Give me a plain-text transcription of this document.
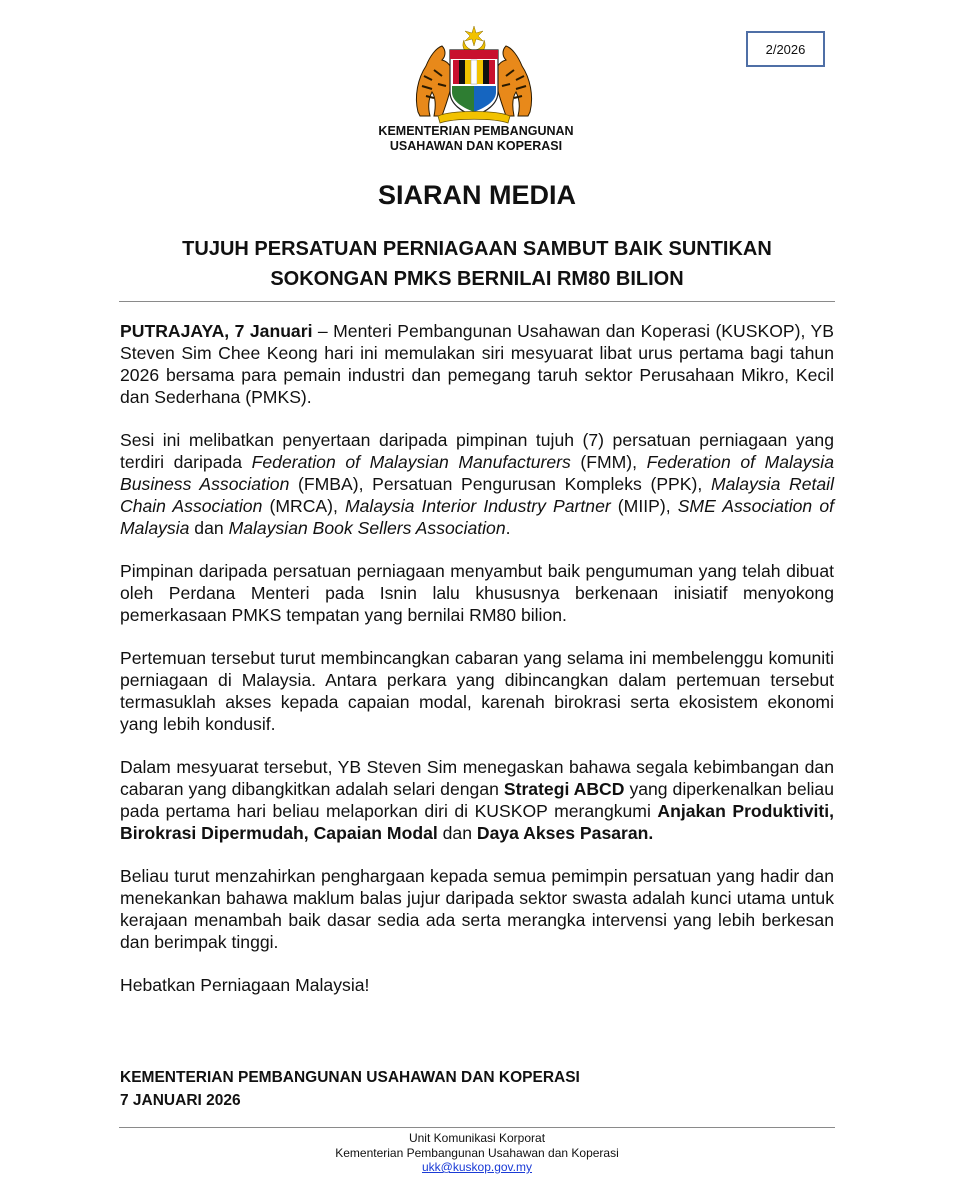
KEMENTERIAN PEMBANGUNAN
USAHAWAN DAN KOPERASI
2/2026
SIARAN MEDIA
TUJUH PERSATUAN PERNIAGAAN SAMBUT BAIK SUNTIKAN
SOKONGAN PMKS BERNILAI RM80 BILION

PUTRAJAYA, 7 Januari – Menteri Pembangunan Usahawan dan Koperasi (KUSKOP), YB Steven Sim Chee Keong hari ini memulakan siri mesyuarat libat urus pertama bagi tahun 2026 bersama para pemain industri dan pemegang taruh sektor Perusahaan Mikro, Kecil dan Sederhana (PMKS).

Sesi ini melibatkan penyertaan daripada pimpinan tujuh (7) persatuan perniagaan yang terdiri daripada Federation of Malaysian Manufacturers (FMM), Federation of Malaysia Business Association (FMBA), Persatuan Pengurusan Kompleks (PPK), Malaysia Retail Chain Association (MRCA), Malaysia Interior Industry Partner (MIIP), SME Association of Malaysia dan Malaysian Book Sellers Association.

Pimpinan daripada persatuan perniagaan menyambut baik pengumuman yang telah dibuat oleh Perdana Menteri pada Isnin lalu khususnya berkenaan inisiatif menyokong pemerkasaan PMKS tempatan yang bernilai RM80 bilion.

Pertemuan tersebut turut membincangkan cabaran yang selama ini membelenggu komuniti perniagaan di Malaysia. Antara perkara yang dibincangkan dalam pertemuan tersebut termasuklah akses kepada capaian modal, karenah birokrasi serta ekosistem ekonomi yang lebih kondusif.

Dalam mesyuarat tersebut, YB Steven Sim menegaskan bahawa segala kebimbangan dan cabaran yang dibangkitkan adalah selari dengan Strategi ABCD yang diperkenalkan beliau pada pertama hari beliau melaporkan diri di KUSKOP merangkumi Anjakan Produktiviti, Birokrasi Dipermudah, Capaian Modal dan Daya Akses Pasaran.

Beliau turut menzahirkan penghargaan kepada semua pemimpin persatuan yang hadir dan menekankan bahawa maklum balas jujur daripada sektor swasta adalah kunci utama untuk kerajaan menambah baik dasar sedia ada serta merangka intervensi yang lebih berkesan dan berimpak tinggi.

Hebatkan Perniagaan Malaysia!

KEMENTERIAN PEMBANGUNAN USAHAWAN DAN KOPERASI
7 JANUARI 2026
Unit Komunikasi Korporat
Kementerian Pembangunan Usahawan dan Koperasi
ukk@kuskop.gov.my
